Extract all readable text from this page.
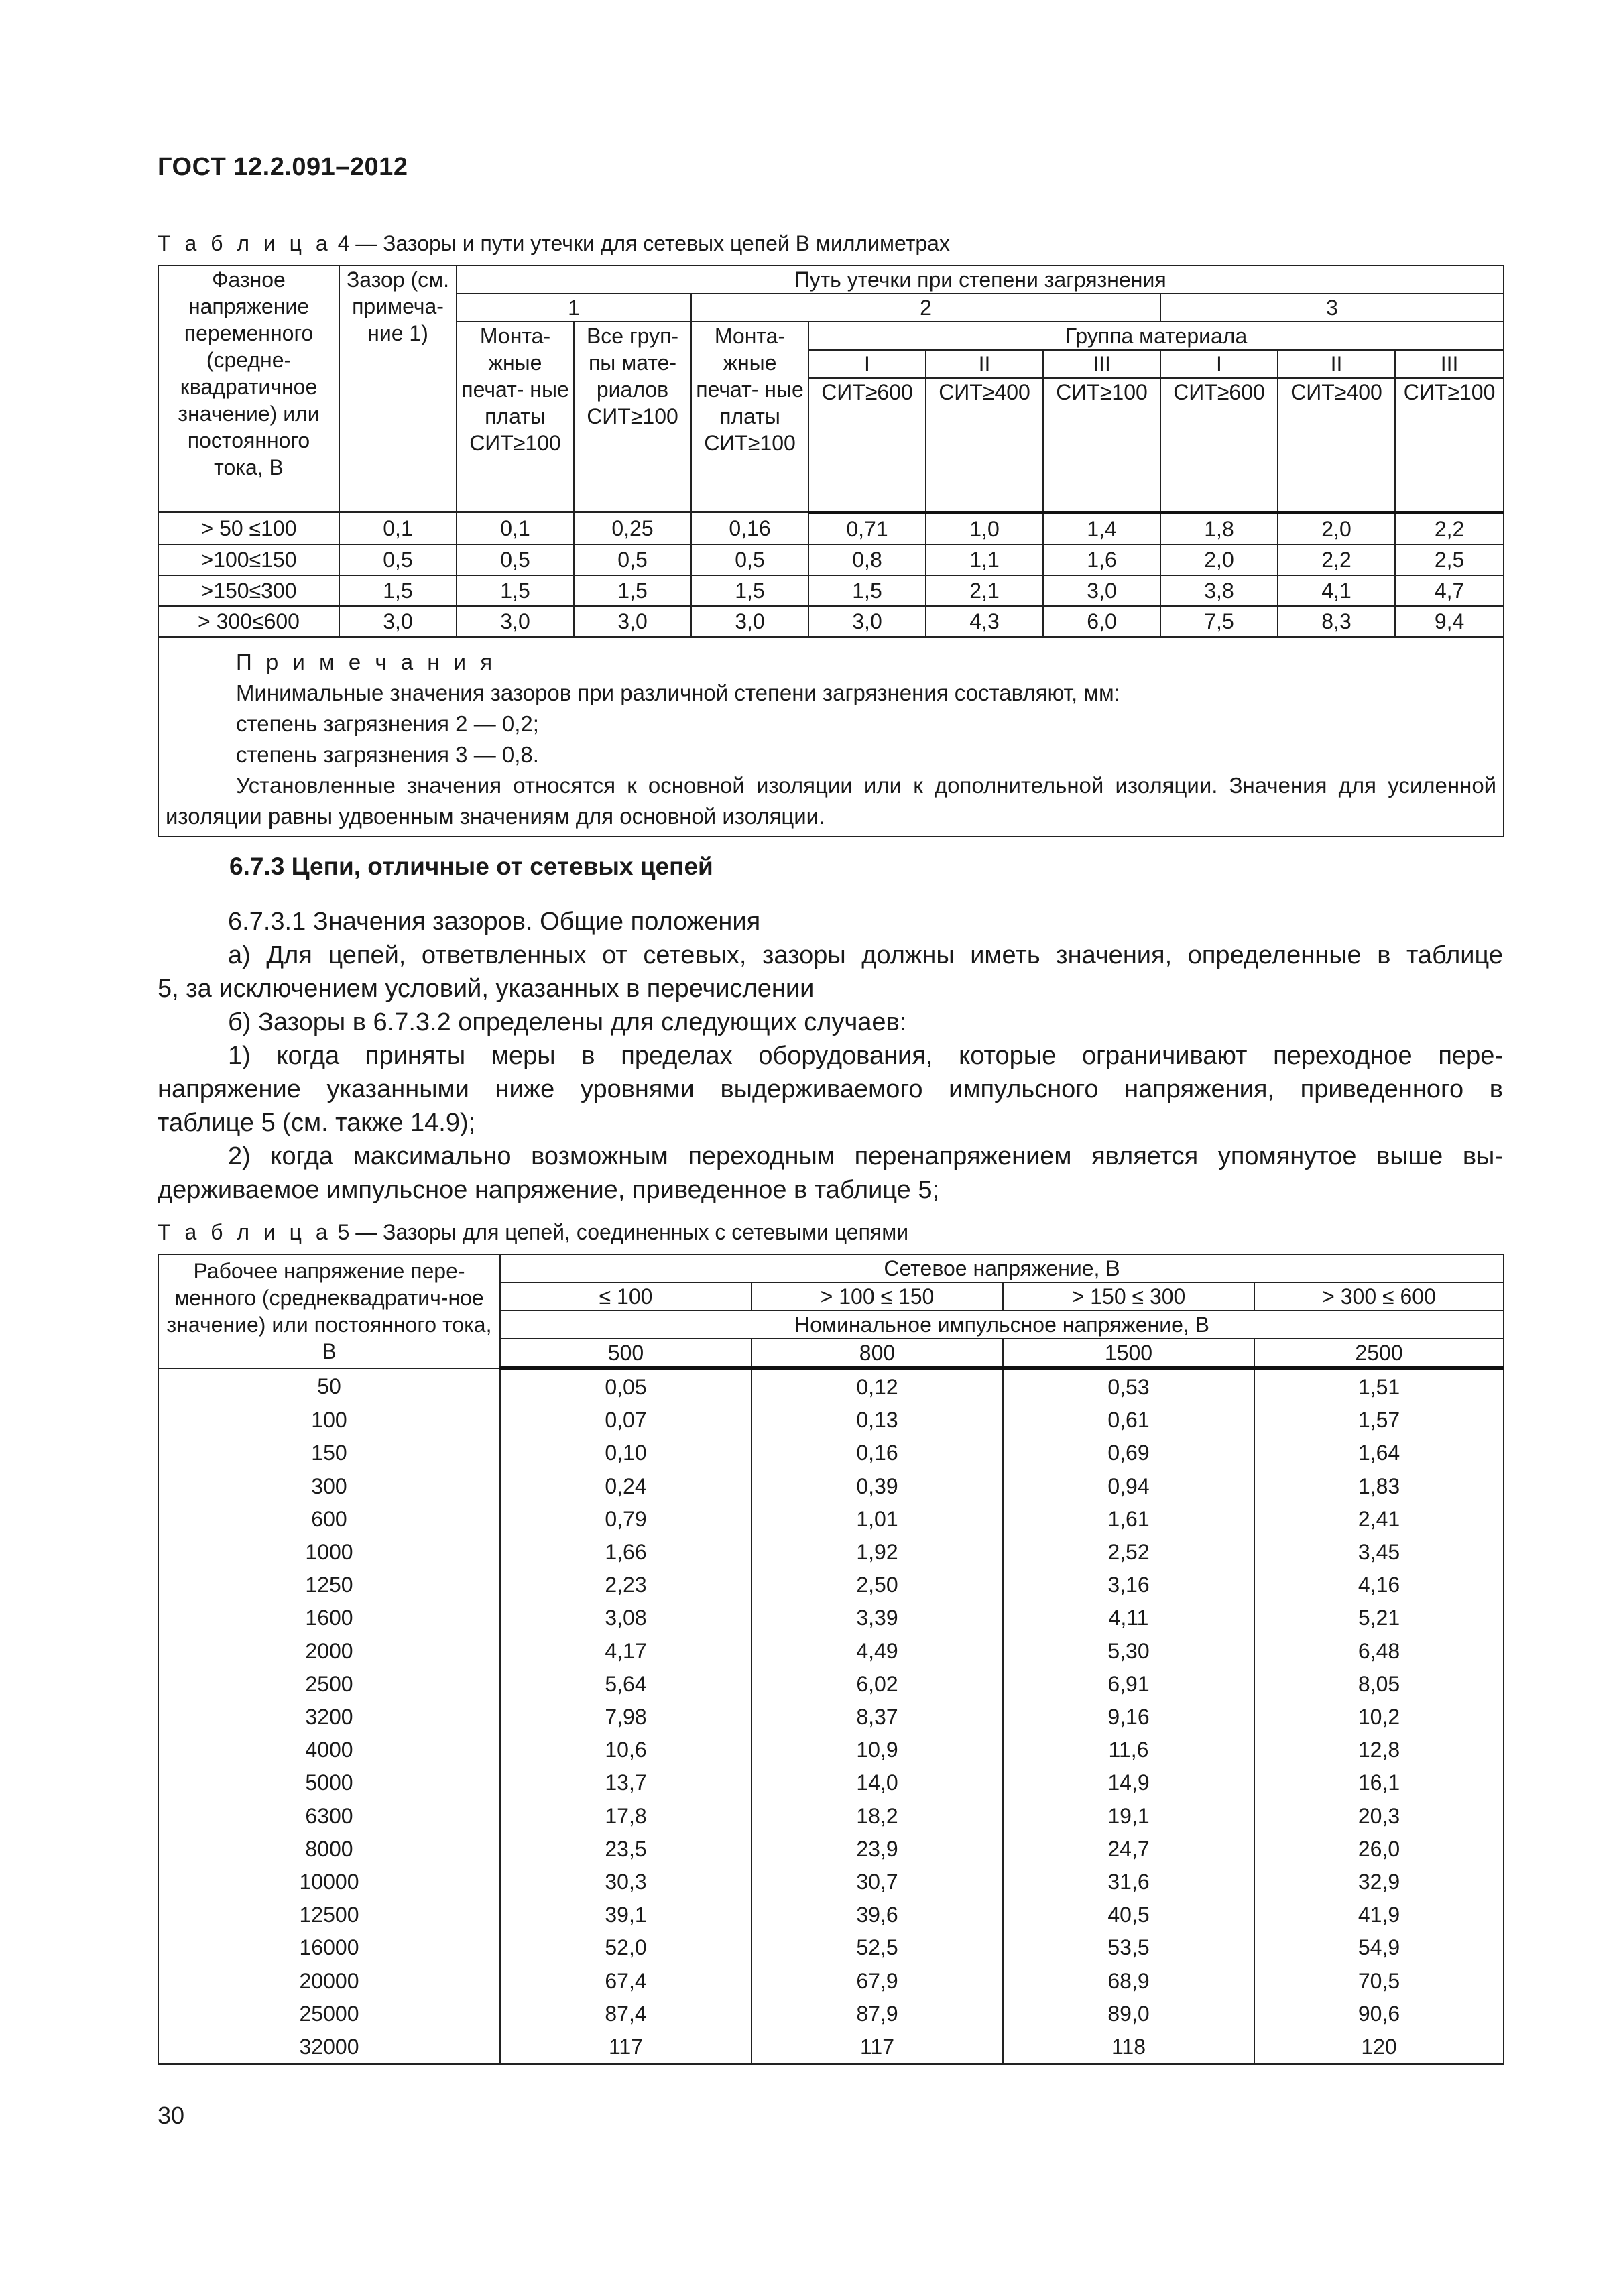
ГОСТ 12.2.091–2012
Т а б л и ц а 4 — Зазоры и пути утечки для сетевых цепей В миллиметрах
Фазное напряжение переменного (средне- квадратичное значение) или постоянного тока, В	Зазор (см. примеча- ние 1)	Путь утечки при степени загрязнения								
		1		2				3		
		Монта- жные печат- ные платы СИТ≥100	Все груп- пы мате- риалов СИТ≥100	Монта- жные печат- ные платы СИТ≥100	Группа материала					
					I	II	III	I	II	III
					СИТ≥600	СИТ≥400	СИТ≥100	СИТ≥600	СИТ≥400	СИТ≥100
> 50 ≤100	0,1	0,1	0,25	0,16	0,71	1,0	1,4	1,8	2,0	2,2
>100≤150	0,5	0,5	0,5	0,5	0,8	1,1	1,6	2,0	2,2	2,5
>150≤300	1,5	1,5	1,5	1,5	1,5	2,1	3,0	3,8	4,1	4,7
> 300≤600	3,0	3,0	3,0	3,0	3,0	4,3	6,0	7,5	8,3	9,4

П р и м е ч а н и я
Минимальные значения зазоров при различной степени загрязнения составляют, мм:
степень загрязнения 2 — 0,2;
степень загрязнения 3 — 0,8.
Установленные значения относятся к основной изоляции или к дополнительной изоляции. Значения для усиленной изоляции равны удвоенным значениям для основной изоляции.										
6.7.3 Цепи, отличные от сетевых цепей
6.7.3.1 Значения зазоров. Общие положения
а) Для цепей, ответвленных от сетевых, зазоры должны иметь значения, определенные в таблице
5, за исключением условий, указанных в перечислении
б) Зазоры в 6.7.3.2 определены для следующих случаев:
1) когда приняты меры в пределах оборудования, которые ограничивают переходное пере-
напряжение указанными ниже уровнями выдерживаемого импульсного напряжения, приведенного в
таблице 5 (см. также 14.9);
2) когда максимально возможным переходным перенапряжением является упомянутое выше вы-
держиваемое импульсное напряжение, приведенное в таблице 5;
Т а б л и ц а 5 — Зазоры для цепей, соединенных с сетевыми цепями
Рабочее напряжение пере- менного (среднеквадратич-ное значение) или постоянного тока, В	Сетевое напряжение, В			
	≤ 100	> 100 ≤ 150	> 150 ≤ 300	> 300 ≤ 600
	Номинальное импульсное напряжение, В			
	500	800	1500	2500
50	0,05	0,12	0,53	1,51
100	0,07	0,13	0,61	1,57
150	0,10	0,16	0,69	1,64
300	0,24	0,39	0,94	1,83
600	0,79	1,01	1,61	2,41
1000	1,66	1,92	2,52	3,45
1250	2,23	2,50	3,16	4,16
1600	3,08	3,39	4,11	5,21
2000	4,17	4,49	5,30	6,48
2500	5,64	6,02	6,91	8,05
3200	7,98	8,37	9,16	10,2
4000	10,6	10,9	11,6	12,8
5000	13,7	14,0	14,9	16,1
6300	17,8	18,2	19,1	20,3
8000	23,5	23,9	24,7	26,0
10000	30,3	30,7	31,6	32,9
12500	39,1	39,6	40,5	41,9
16000	52,0	52,5	53,5	54,9
20000	67,4	67,9	68,9	70,5
25000	87,4	87,9	89,0	90,6
32000	117	117	118	120
30
